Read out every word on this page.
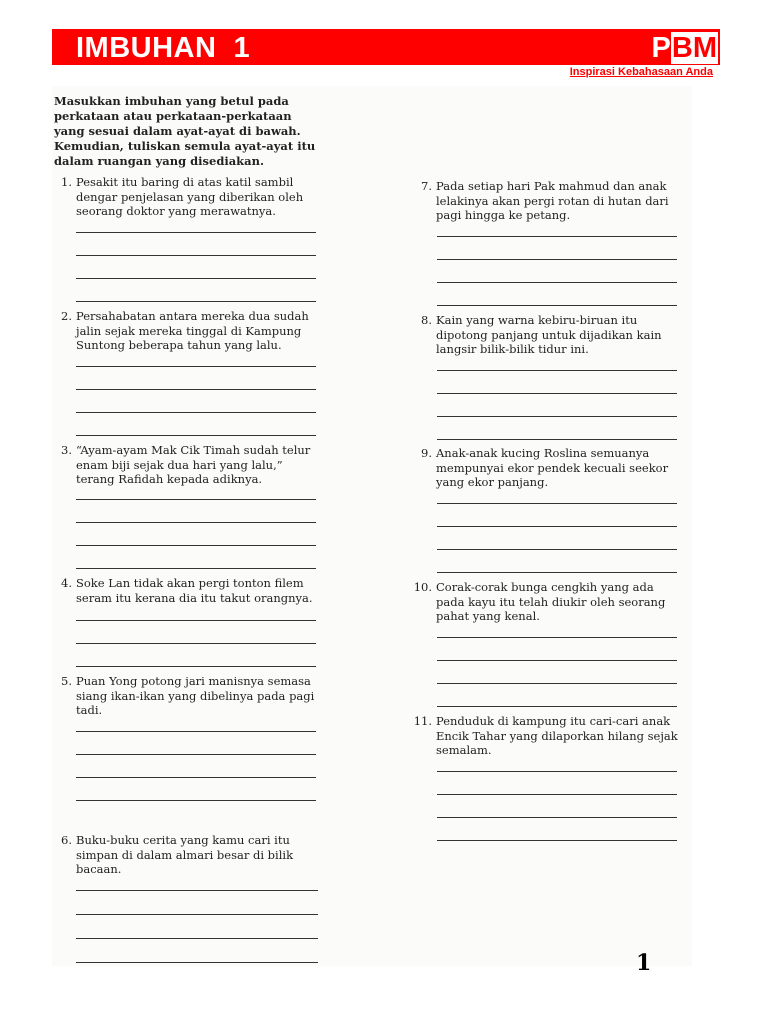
IMBUHAN  1	PBM
Inspirasi Kebahasaan Anda
Masukkan imbuhan yang betul pada perkataan atau perkataan-perkataan yang sesuai dalam ayat-ayat di bawah. Kemudian, tuliskan semula ayat-ayat itu dalam ruangan yang disediakan.
1. Pesakit itu baring di atas katil sambil dengar penjelasan yang diberikan oleh seorang doktor yang merawatnya.
2. Persahabatan antara mereka dua sudah jalin sejak mereka tinggal di Kampung Suntong beberapa tahun yang lalu.
3. “Ayam-ayam Mak Cik Timah sudah telur enam biji sejak dua hari yang lalu,” terang Rafidah kepada adiknya.
4. Soke Lan tidak akan pergi tonton filem seram itu kerana dia itu takut orangnya.
5. Puan Yong potong jari manisnya semasa siang ikan-ikan yang dibelinya pada pagi tadi.
6. Buku-buku cerita yang kamu cari itu simpan di dalam almari besar di bilik bacaan.
7. Pada setiap hari Pak mahmud dan anak lelakinya akan pergi rotan di hutan dari pagi hingga ke petang.
8. Kain yang warna kebiru-biruan itu dipotong panjang untuk dijadikan kain langsir bilik-bilik tidur ini.
9. Anak-anak kucing Roslina semuanya mempunyai ekor pendek kecuali seekor yang ekor panjang.
10. Corak-corak bunga cengkih yang ada pada kayu itu telah diukir oleh seorang pahat yang kenal.
11. Penduduk di kampung itu cari-cari anak Encik Tahar yang dilaporkan hilang sejak semalam.
1
